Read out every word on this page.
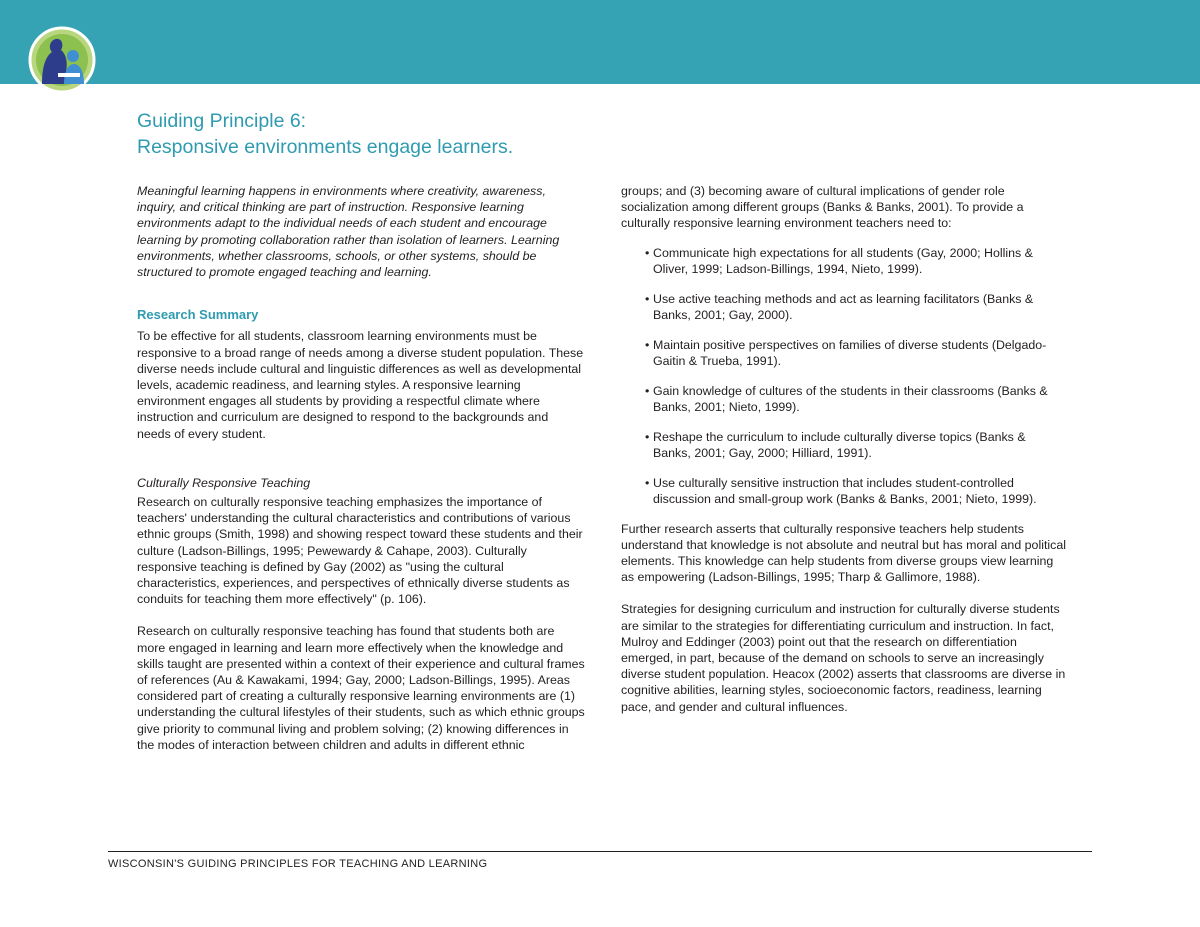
Guiding Principle 6:
Responsive environments engage learners.

Meaningful learning happens in environments where creativity, awareness, inquiry, and critical thinking are part of instruction. Responsive learning environments adapt to the individual needs of each student and encourage learning by promoting collaboration rather than isolation of learners. Learning environments, whether classrooms, schools, or other systems, should be structured to promote engaged teaching and learning.

Research Summary

To be effective for all students, classroom learning environments must be responsive to a broad range of needs among a diverse student population. These diverse needs include cultural and linguistic differences as well as developmental levels, academic readiness, and learning styles. A responsive learning environment engages all students by providing a respectful climate where instruction and curriculum are designed to respond to the backgrounds and needs of every student.

Culturally Responsive Teaching

Research on culturally responsive teaching emphasizes the importance of teachers' understanding the cultural characteristics and contributions of various ethnic groups (Smith, 1998) and showing respect toward these students and their culture (Ladson-Billings, 1995; Pewewardy & Cahape, 2003). Culturally responsive teaching is defined by Gay (2002) as "using the cultural characteristics, experiences, and perspectives of ethnically diverse students as conduits for teaching them more effectively" (p. 106).

Research on culturally responsive teaching has found that students both are more engaged in learning and learn more effectively when the knowledge and skills taught are presented within a context of their experience and cultural frames of references (Au & Kawakami, 1994; Gay, 2000; Ladson-Billings, 1995). Areas considered part of creating a culturally responsive learning environments are (1) understanding the cultural lifestyles of their students, such as which ethnic groups give priority to communal living and problem solving; (2) knowing differences in the modes of interaction between children and adults in different ethnic

groups; and (3) becoming aware of cultural implications of gender role socialization among different groups (Banks & Banks, 2001). To provide a culturally responsive learning environment teachers need to:

• Communicate high expectations for all students (Gay, 2000; Hollins & Oliver, 1999; Ladson-Billings, 1994, Nieto, 1999).
• Use active teaching methods and act as learning facilitators (Banks & Banks, 2001; Gay, 2000).
• Maintain positive perspectives on families of diverse students (Delgado-Gaitin & Trueba, 1991).
• Gain knowledge of cultures of the students in their classrooms (Banks & Banks, 2001; Nieto, 1999).
• Reshape the curriculum to include culturally diverse topics (Banks & Banks, 2001; Gay, 2000; Hilliard, 1991).
• Use culturally sensitive instruction that includes student-controlled discussion and small-group work (Banks & Banks, 2001; Nieto, 1999).

Further research asserts that culturally responsive teachers help students understand that knowledge is not absolute and neutral but has moral and political elements. This knowledge can help students from diverse groups view learning as empowering (Ladson-Billings, 1995; Tharp & Gallimore, 1988).

Strategies for designing curriculum and instruction for culturally diverse students are similar to the strategies for differentiating curriculum and instruction. In fact, Mulroy and Eddinger (2003) point out that the research on differentiation emerged, in part, because of the demand on schools to serve an increasingly diverse student population. Heacox (2002) asserts that classrooms are diverse in cognitive abilities, learning styles, socioeconomic factors, readiness, learning pace, and gender and cultural influences.

WISCONSIN'S GUIDING PRINCIPLES FOR TEACHING AND LEARNING
